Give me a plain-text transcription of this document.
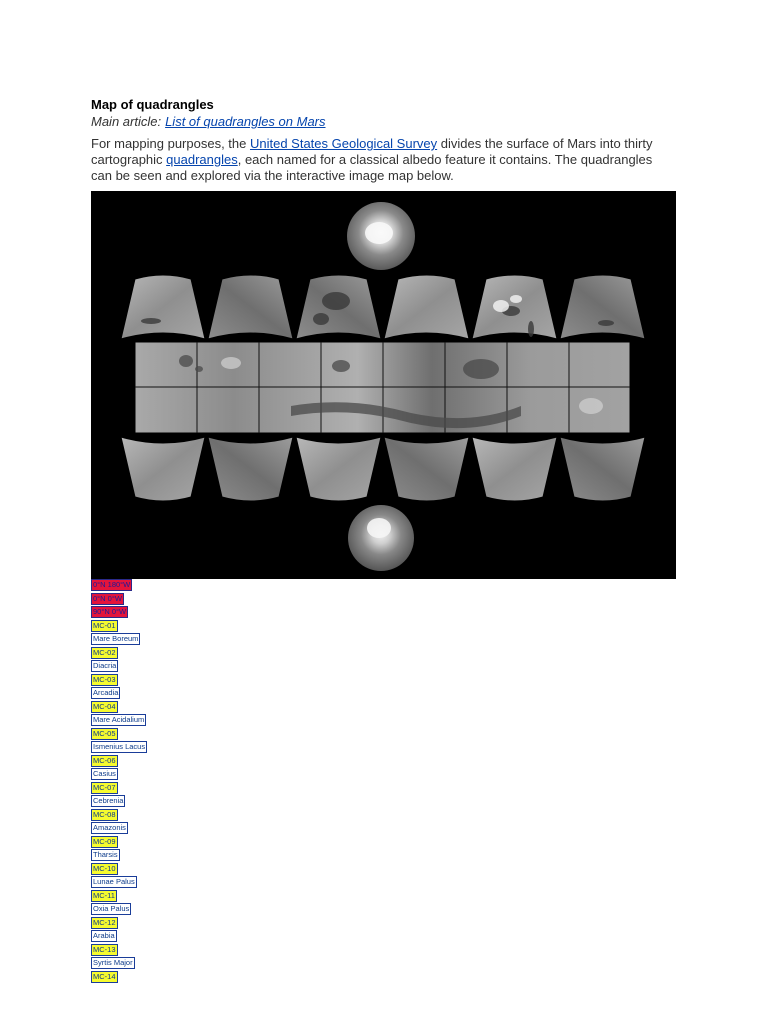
Map of quadrangles
Main article: List of quadrangles on Mars
For mapping purposes, the United States Geological Survey divides the surface of Mars into thirty cartographic quadrangles, each named for a classical albedo feature it contains. The quadrangles can be seen and explored via the interactive image map below.
0°N 180°W
0°N 0°W
90°N 0°W
MC-01
Mare Boreum
MC-02
Diacria
MC-03
Arcadia
MC-04
Mare Acidalium
MC-05
Ismenius Lacus
MC-06
Casius
MC-07
Cebrenia
MC-08
Amazonis
MC-09
Tharsis
MC-10
Lunae Palus
MC-11
Oxia Palus
MC-12
Arabia
MC-13
Syrtis Major
MC-14
